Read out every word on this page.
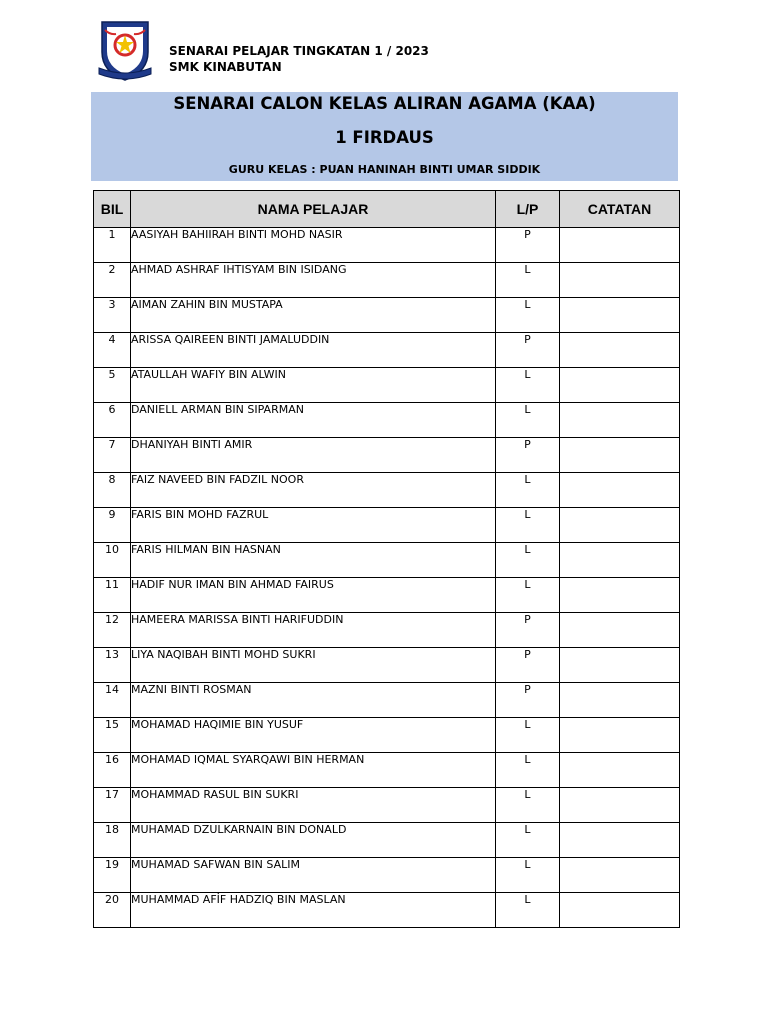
SENARAI PELAJAR TINGKATAN 1 / 2023
SMK KINABUTAN
SENARAI CALON KELAS ALIRAN AGAMA (KAA)
1 FIRDAUS
GURU KELAS : PUAN HANINAH BINTI UMAR SIDDIK
BIL	NAMA PELAJAR	L/P	CATATAN
1	AASIYAH BAHIIRAH BINTI MOHD NASIR	P	
2	AHMAD ASHRAF IHTISYAM BIN ISIDANG	L	
3	AIMAN ZAHIN BIN MUSTAPA	L	
4	ARISSA QAIREEN BINTI JAMALUDDIN	P	
5	ATAULLAH WAFIY BIN ALWIN	L	
6	DANIELL ARMAN BIN SIPARMAN	L	
7	DHANIYAH BINTI AMIR	P	
8	FAIZ NAVEED BIN FADZIL NOOR	L	
9	FARIS BIN MOHD FAZRUL	L	
10	FARIS HILMAN BIN HASNAN	L	
11	HADIF NUR IMAN BIN AHMAD FAIRUS	L	
12	HAMEERA MARISSA BINTI HARIFUDDIN	P	
13	LIYA NAQIBAH BINTI MOHD SUKRI	P	
14	MAZNI BINTI ROSMAN	P	
15	MOHAMAD HAQIMIE BIN YUSUF	L	
16	MOHAMAD IQMAL SYARQAWI BIN HERMAN	L	
17	MOHAMMAD RASUL BIN SUKRI	L	
18	MUHAMAD DZULKARNAIN BIN DONALD	L	
19	MUHAMAD SAFWAN BIN SALIM	L	
20	MUHAMMAD AFİF HADZIQ BIN MASLAN	L	
